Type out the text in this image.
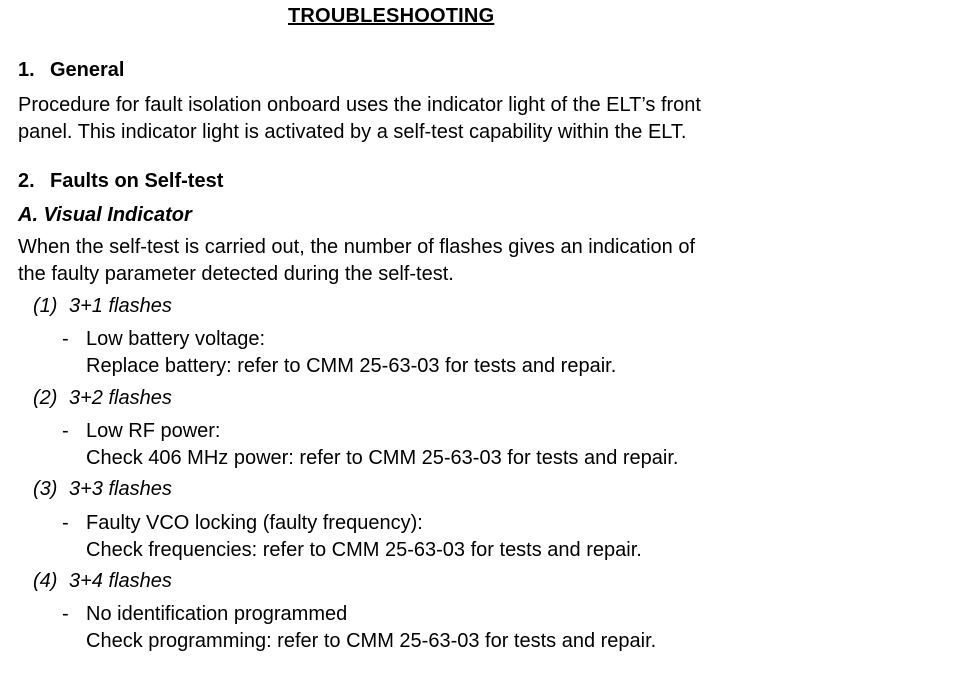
TROUBLESHOOTING
1. General
Procedure for fault isolation onboard uses the indicator light of the ELT’s front
panel. This indicator light is activated by a self-test capability within the ELT.
2. Faults on Self-test
A. Visual Indicator
When the self-test is carried out, the number of flashes gives an indication of
the faulty parameter detected during the self-test.
(1) 3+1 flashes
- Low battery voltage:
Replace battery: refer to CMM 25-63-03 for tests and repair.
(2) 3+2 flashes
- Low RF power:
Check 406 MHz power: refer to CMM 25-63-03 for tests and repair.
(3) 3+3 flashes
- Faulty VCO locking (faulty frequency):
Check frequencies: refer to CMM 25-63-03 for tests and repair.
(4) 3+4 flashes
- No identification programmed
Check programming: refer to CMM 25-63-03 for tests and repair.
